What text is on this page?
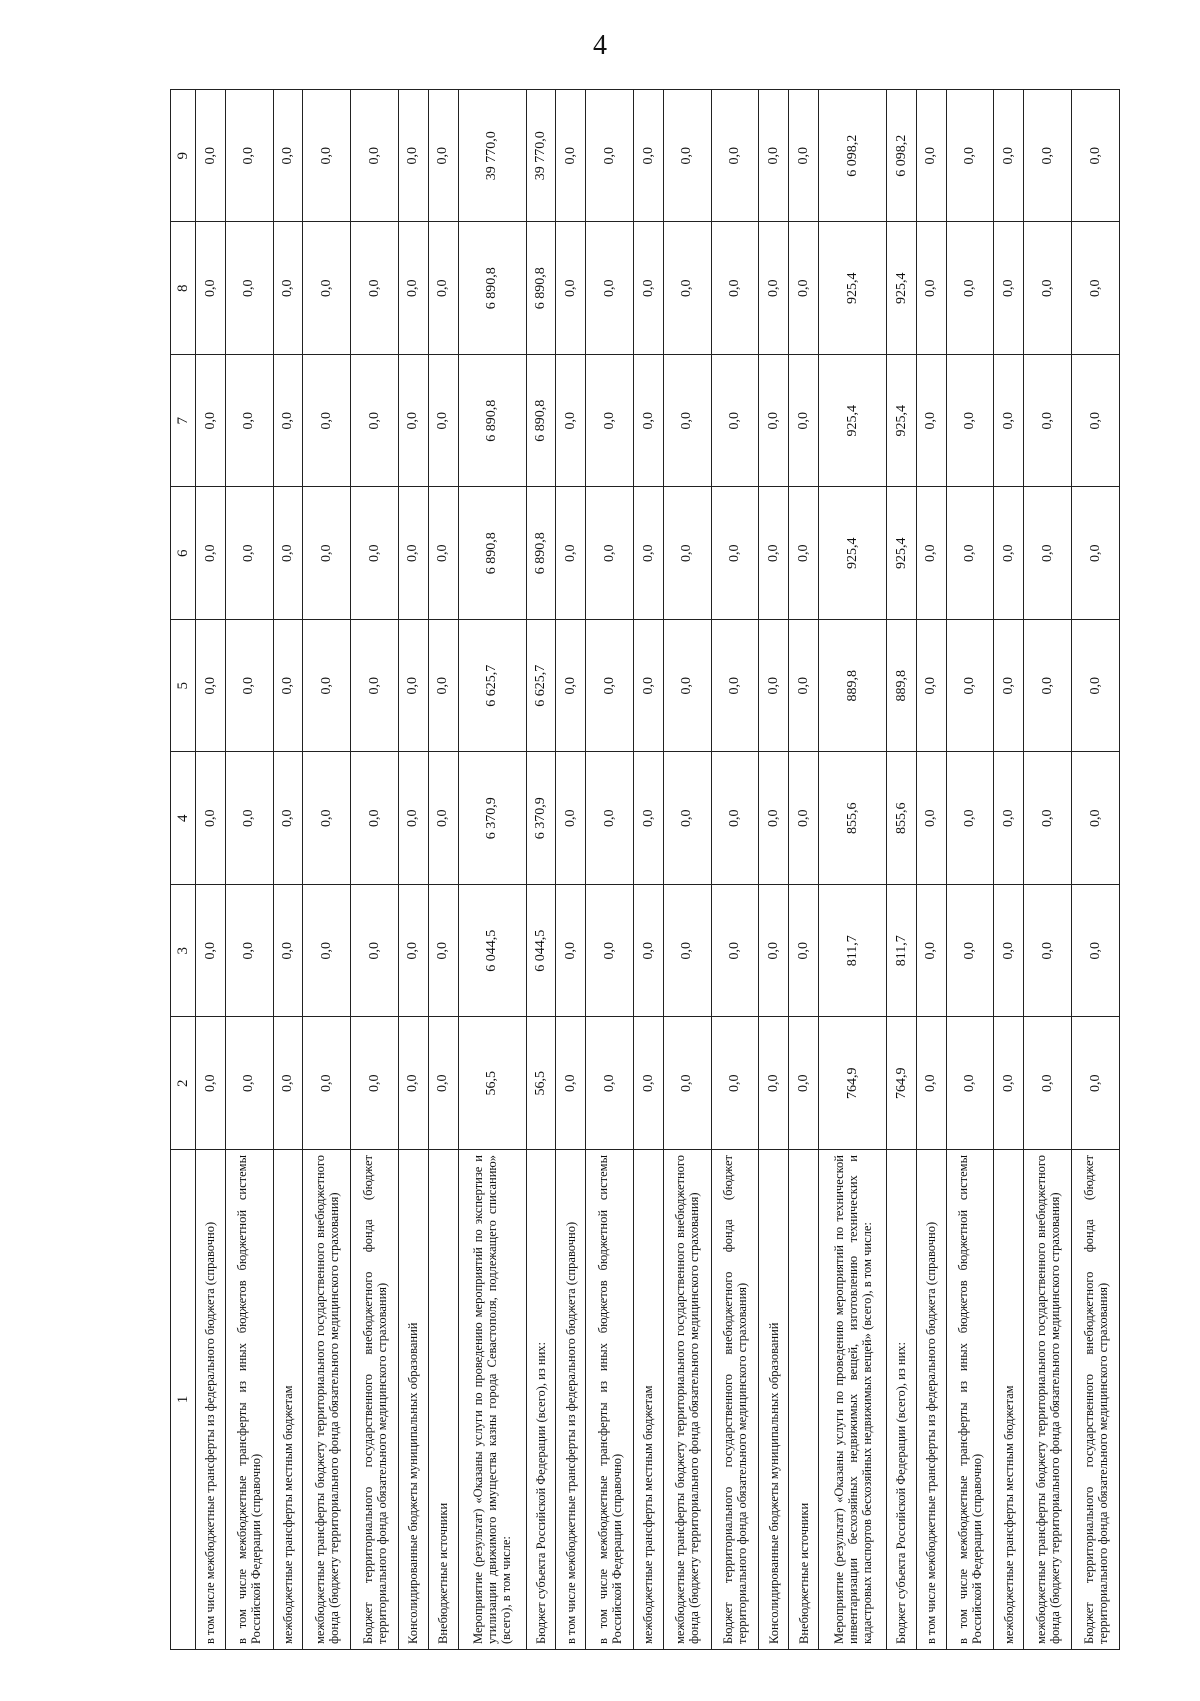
4
1	2	3	4	5	6	7	8	9
в том числе межбюджетные трансферты из федерального бюджета (справочно)	0,0	0,0	0,0	0,0	0,0	0,0	0,0	0,0
в том числе межбюджетные трансферты из иных бюджетов бюджетной системы Российской Федерации (справочно)	0,0	0,0	0,0	0,0	0,0	0,0	0,0	0,0
межбюджетные трансферты местным бюджетам	0,0	0,0	0,0	0,0	0,0	0,0	0,0	0,0
межбюджетные трансферты бюджету территориального государственного внебюджетного фонда (бюджету территориального фонда обязательного медицинского страхования)	0,0	0,0	0,0	0,0	0,0	0,0	0,0	0,0
Бюджет территориального государственного внебюджетного фонда (бюджет территориального фонда обязательного медицинского страхования)	0,0	0,0	0,0	0,0	0,0	0,0	0,0	0,0
Консолидированные бюджеты муниципальных образований	0,0	0,0	0,0	0,0	0,0	0,0	0,0	0,0
Внебюджетные источники	0,0	0,0	0,0	0,0	0,0	0,0	0,0	0,0
Мероприятие (результат) «Оказаны услуги по проведению мероприятий по экспертизе и утилизации движимого имущества казны города Севастополя, подлежащего списанию» (всего), в том числе:	56,5	6 044,5	6 370,9	6 625,7	6 890,8	6 890,8	6 890,8	39 770,0
Бюджет субъекта Российской Федерации (всего), из них:	56,5	6 044,5	6 370,9	6 625,7	6 890,8	6 890,8	6 890,8	39 770,0
в том числе межбюджетные трансферты из федерального бюджета (справочно)	0,0	0,0	0,0	0,0	0,0	0,0	0,0	0,0
в том числе межбюджетные трансферты из иных бюджетов бюджетной системы Российской Федерации (справочно)	0,0	0,0	0,0	0,0	0,0	0,0	0,0	0,0
межбюджетные трансферты местным бюджетам	0,0	0,0	0,0	0,0	0,0	0,0	0,0	0,0
межбюджетные трансферты бюджету территориального государственного внебюджетного фонда (бюджету территориального фонда обязательного медицинского страхования)	0,0	0,0	0,0	0,0	0,0	0,0	0,0	0,0
Бюджет территориального государственного внебюджетного фонда (бюджет территориального фонда обязательного медицинского страхования)	0,0	0,0	0,0	0,0	0,0	0,0	0,0	0,0
Консолидированные бюджеты муниципальных образований	0,0	0,0	0,0	0,0	0,0	0,0	0,0	0,0
Внебюджетные источники	0,0	0,0	0,0	0,0	0,0	0,0	0,0	0,0
Мероприятие (результат) «Оказаны услуги по проведению мероприятий по технической инвентаризации бесхозяйных недвижимых вещей, изготовлению технических и кадастровых паспортов бесхозяйных недвижимых вещей» (всего), в том числе:	764,9	811,7	855,6	889,8	925,4	925,4	925,4	6 098,2
Бюджет субъекта Российской Федерации (всего), из них:	764,9	811,7	855,6	889,8	925,4	925,4	925,4	6 098,2
в том числе межбюджетные трансферты из федерального бюджета (справочно)	0,0	0,0	0,0	0,0	0,0	0,0	0,0	0,0
в том числе межбюджетные трансферты из иных бюджетов бюджетной системы Российской Федерации (справочно)	0,0	0,0	0,0	0,0	0,0	0,0	0,0	0,0
межбюджетные трансферты местным бюджетам	0,0	0,0	0,0	0,0	0,0	0,0	0,0	0,0
межбюджетные трансферты бюджету территориального государственного внебюджетного фонда (бюджету территориального фонда обязательного медицинского страхования)	0,0	0,0	0,0	0,0	0,0	0,0	0,0	0,0
Бюджет территориального государственного внебюджетного фонда (бюджет территориального фонда обязательного медицинского страхования)	0,0	0,0	0,0	0,0	0,0	0,0	0,0	0,0
